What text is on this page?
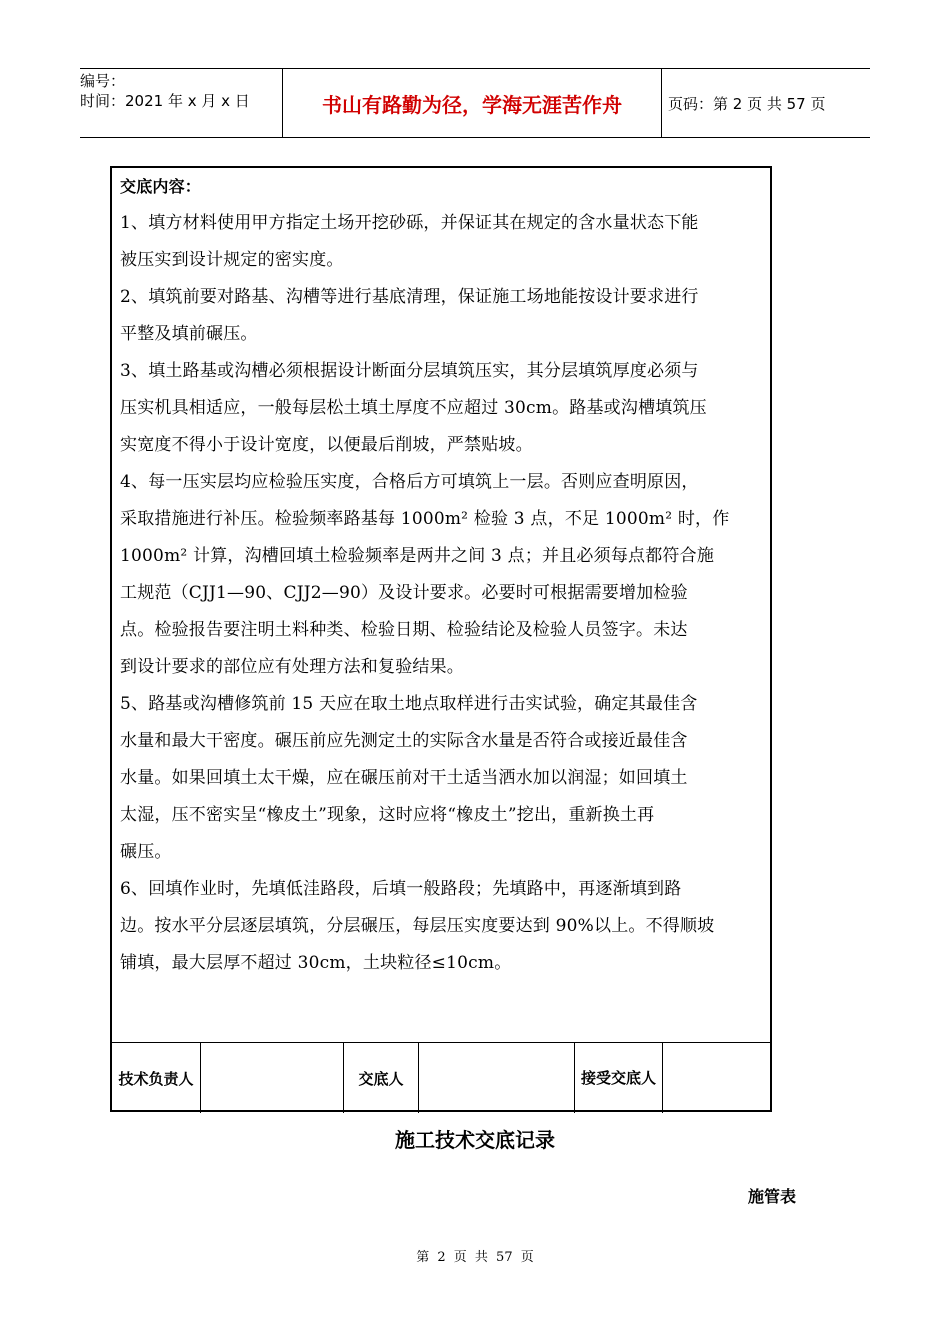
编号：
时间：2021 年 x 月 x 日	书山有路勤为径，学海无涯苦作舟	页码：第 2 页 共 57 页

交底内容：

1、填方材料使用甲方指定土场开挖砂砾，并保证其在规定的含水量状态下能

被压实到设计规定的密实度。

2、填筑前要对路基、沟槽等进行基底清理，保证施工场地能按设计要求进行

平整及填前碾压。

3、填土路基或沟槽必须根据设计断面分层填筑压实，其分层填筑厚度必须与

压实机具相适应，一般每层松土填土厚度不应超过 30cm。路基或沟槽填筑压

实宽度不得小于设计宽度，以便最后削坡，严禁贴坡。

4、每一压实层均应检验压实度，合格后方可填筑上一层。否则应查明原因，

采取措施进行补压。检验频率路基每 1000m² 检验 3 点，不足 1000m² 时，作

1000m² 计算，沟槽回填土检验频率是两井之间 3 点；并且必须每点都符合施

工规范（CJJ1—90、CJJ2—90）及设计要求。必要时可根据需要增加检验

点。检验报告要注明土料种类、检验日期、检验结论及检验人员签字。未达

到设计要求的部位应有处理方法和复验结果。

5、路基或沟槽修筑前 15 天应在取土地点取样进行击实试验，确定其最佳含

水量和最大干密度。碾压前应先测定土的实际含水量是否符合或接近最佳含

水量。如果回填土太干燥，应在碾压前对干土适当洒水加以润湿；如回填土

太湿，压不密实呈“橡皮土”现象，这时应将“橡皮土”挖出，重新换土再

碾压。

6、回填作业时，先填低洼路段，后填一般路段；先填路中，再逐渐填到路

边。按水平分层逐层填筑，分层碾压，每层压实度要达到 90%以上。不得顺坡

铺填，最大层厚不超过 30cm，土块粒径≤10cm。

技术负责人	交底人	接受交底 人
施工技术交底记录
施管表
第 2 页 共 57 页
